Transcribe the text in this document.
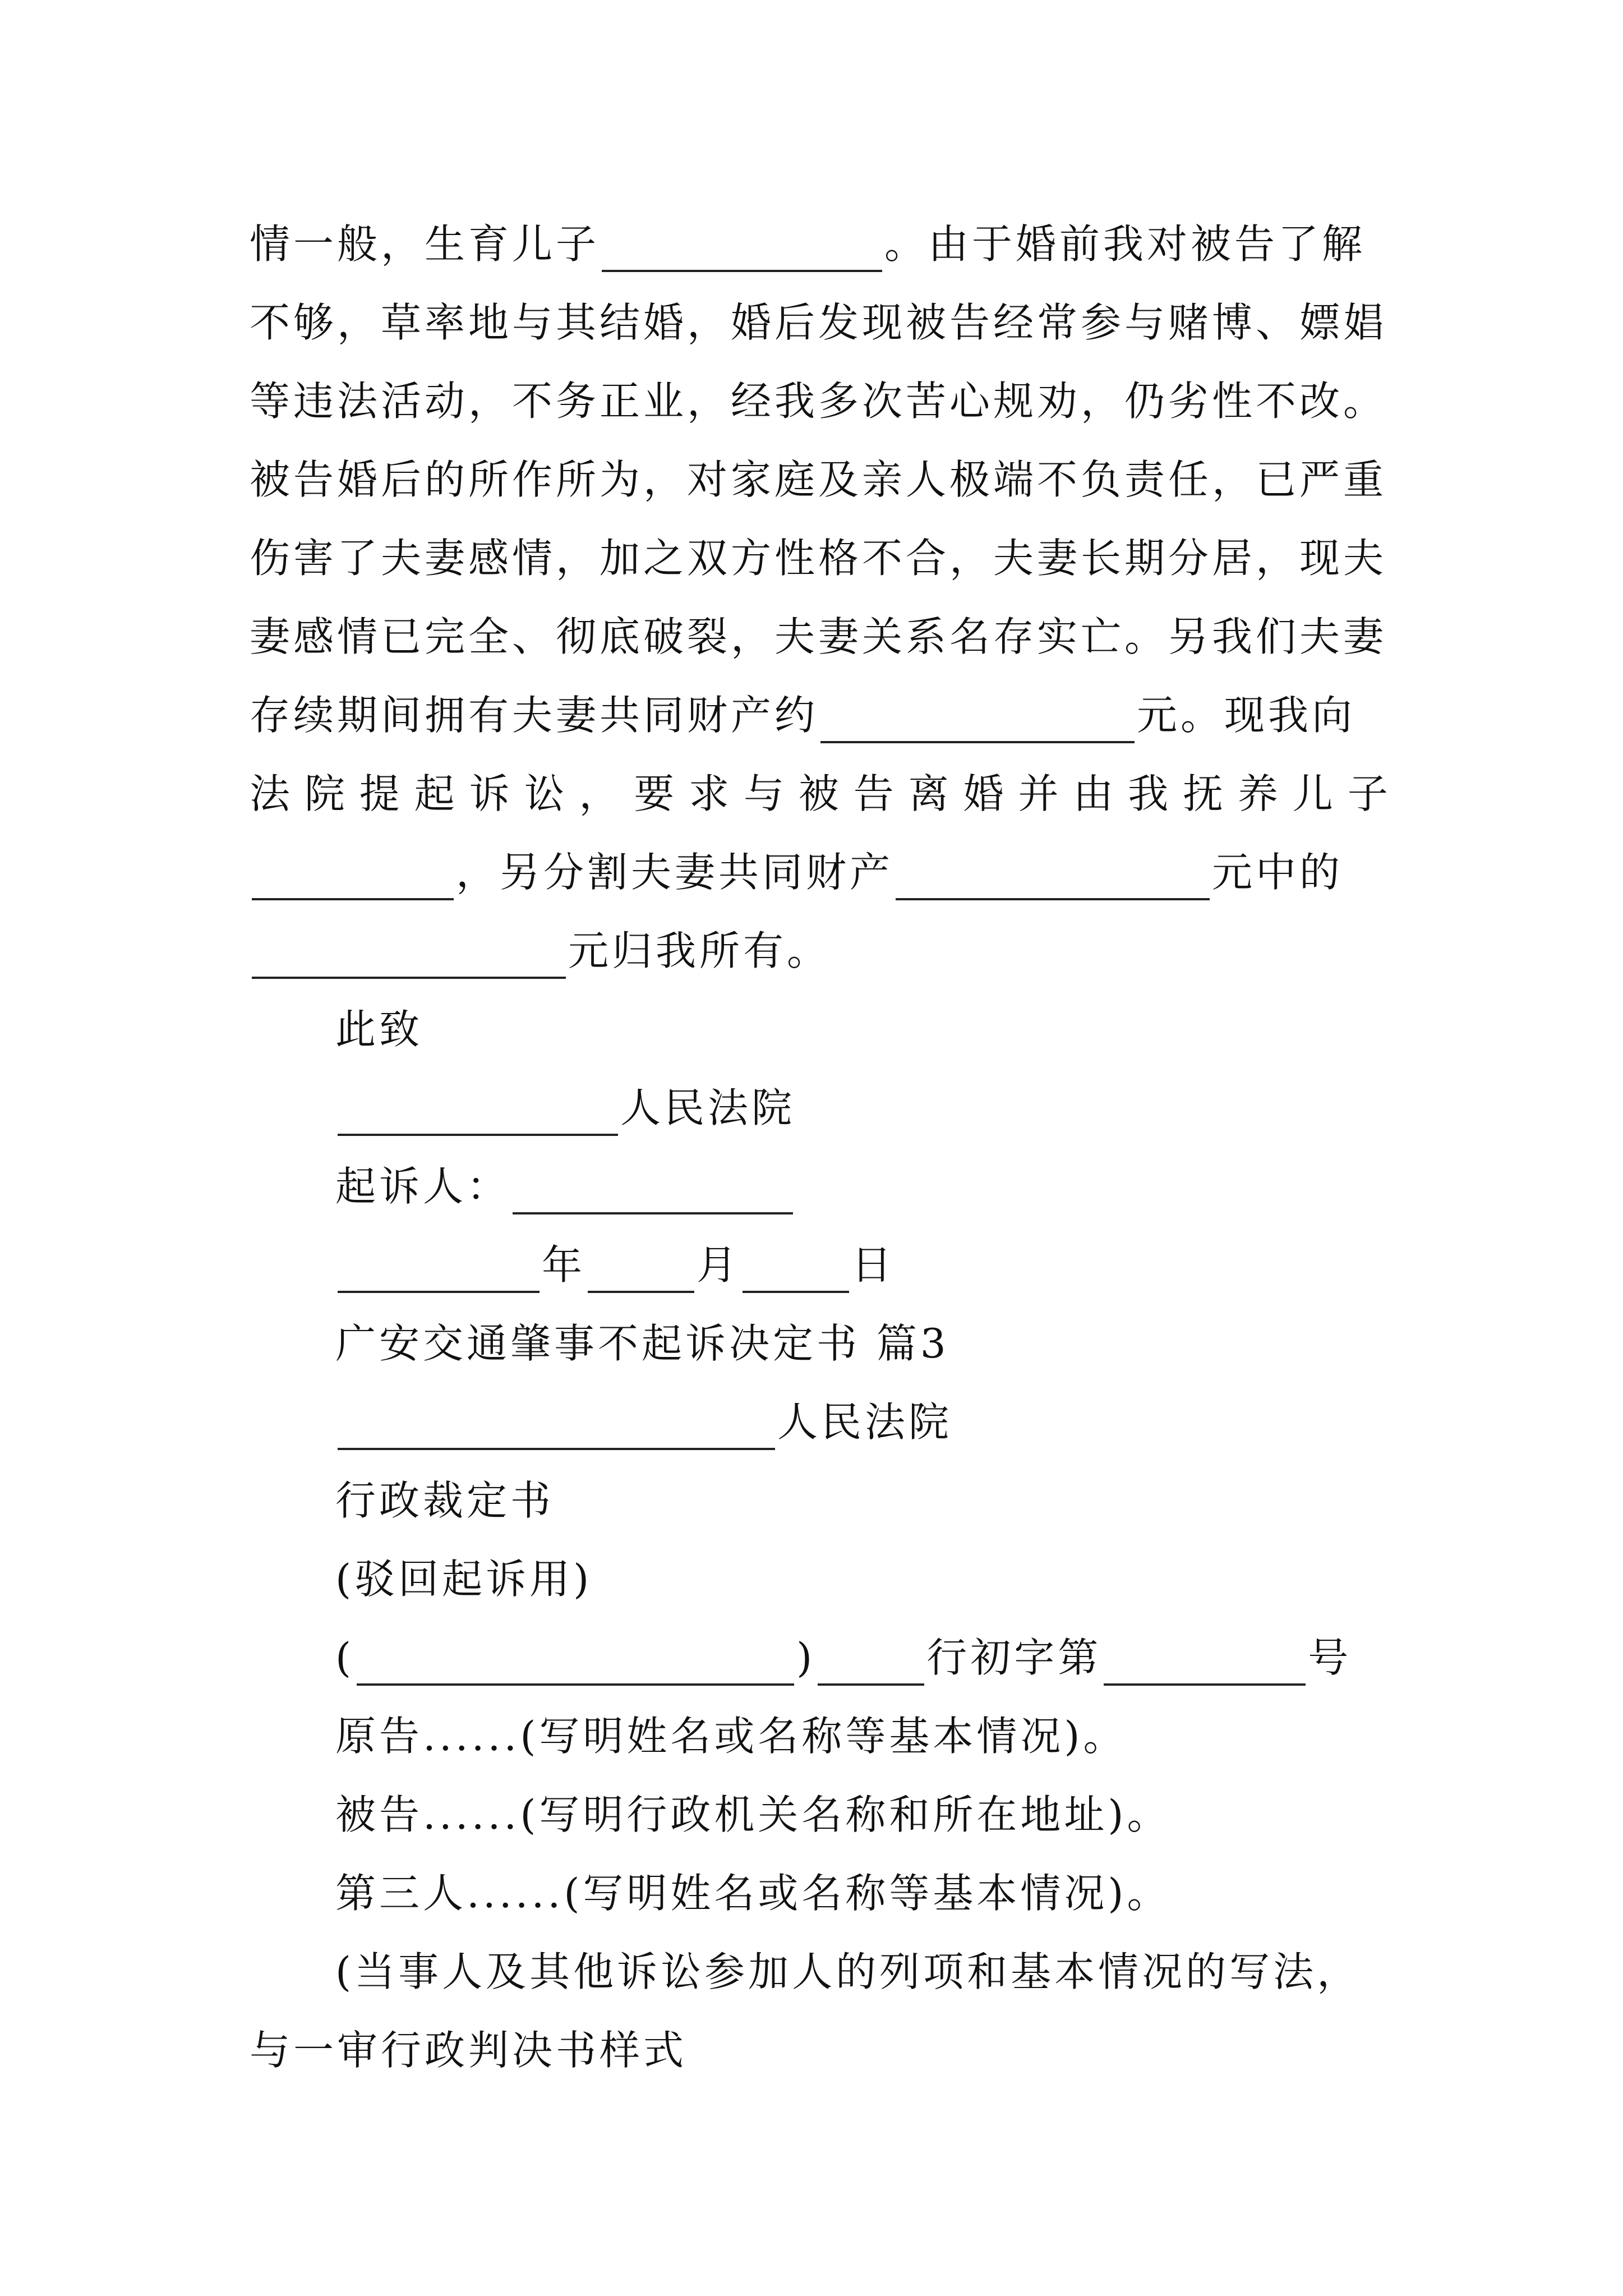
情一般，生育儿子	。由于婚前我对被告了解
不够，草率地与其结婚，婚后发现被告经常参与赌博、嫖娼
等违法活动，不务正业，经我多次苦心规劝，仍劣性不改。
被告婚后的所作所为，对家庭及亲人极端不负责任，已严重
伤害了夫妻感情，加之双方性格不合，夫妻长期分居，现夫
妻感情已完全、彻底破裂，夫妻关系名存实亡。另我们夫妻
存续期间拥有夫妻共同财产约	元。现我向
法 院 提 起 诉 讼 ， 要 求 与 被 告 离 婚 并 由 我 抚 养 儿 子
，另分割夫妻共同财产	元中的
元归我所有。
此致
人民法院
起诉人：
年	月	日
广安交通肇事不起诉决定书 篇3
人民法院
行政裁定书
(驳回起诉用)
(	)	行初字第	号
原告......(写明姓名或名称等基本情况)。
被告......(写明行政机关名称和所在地址)。
第三人......(写明姓名或名称等基本情况)。
(当事人及其他诉讼参加人的列项和基本情况的写法，
与一审行政判决书样式
